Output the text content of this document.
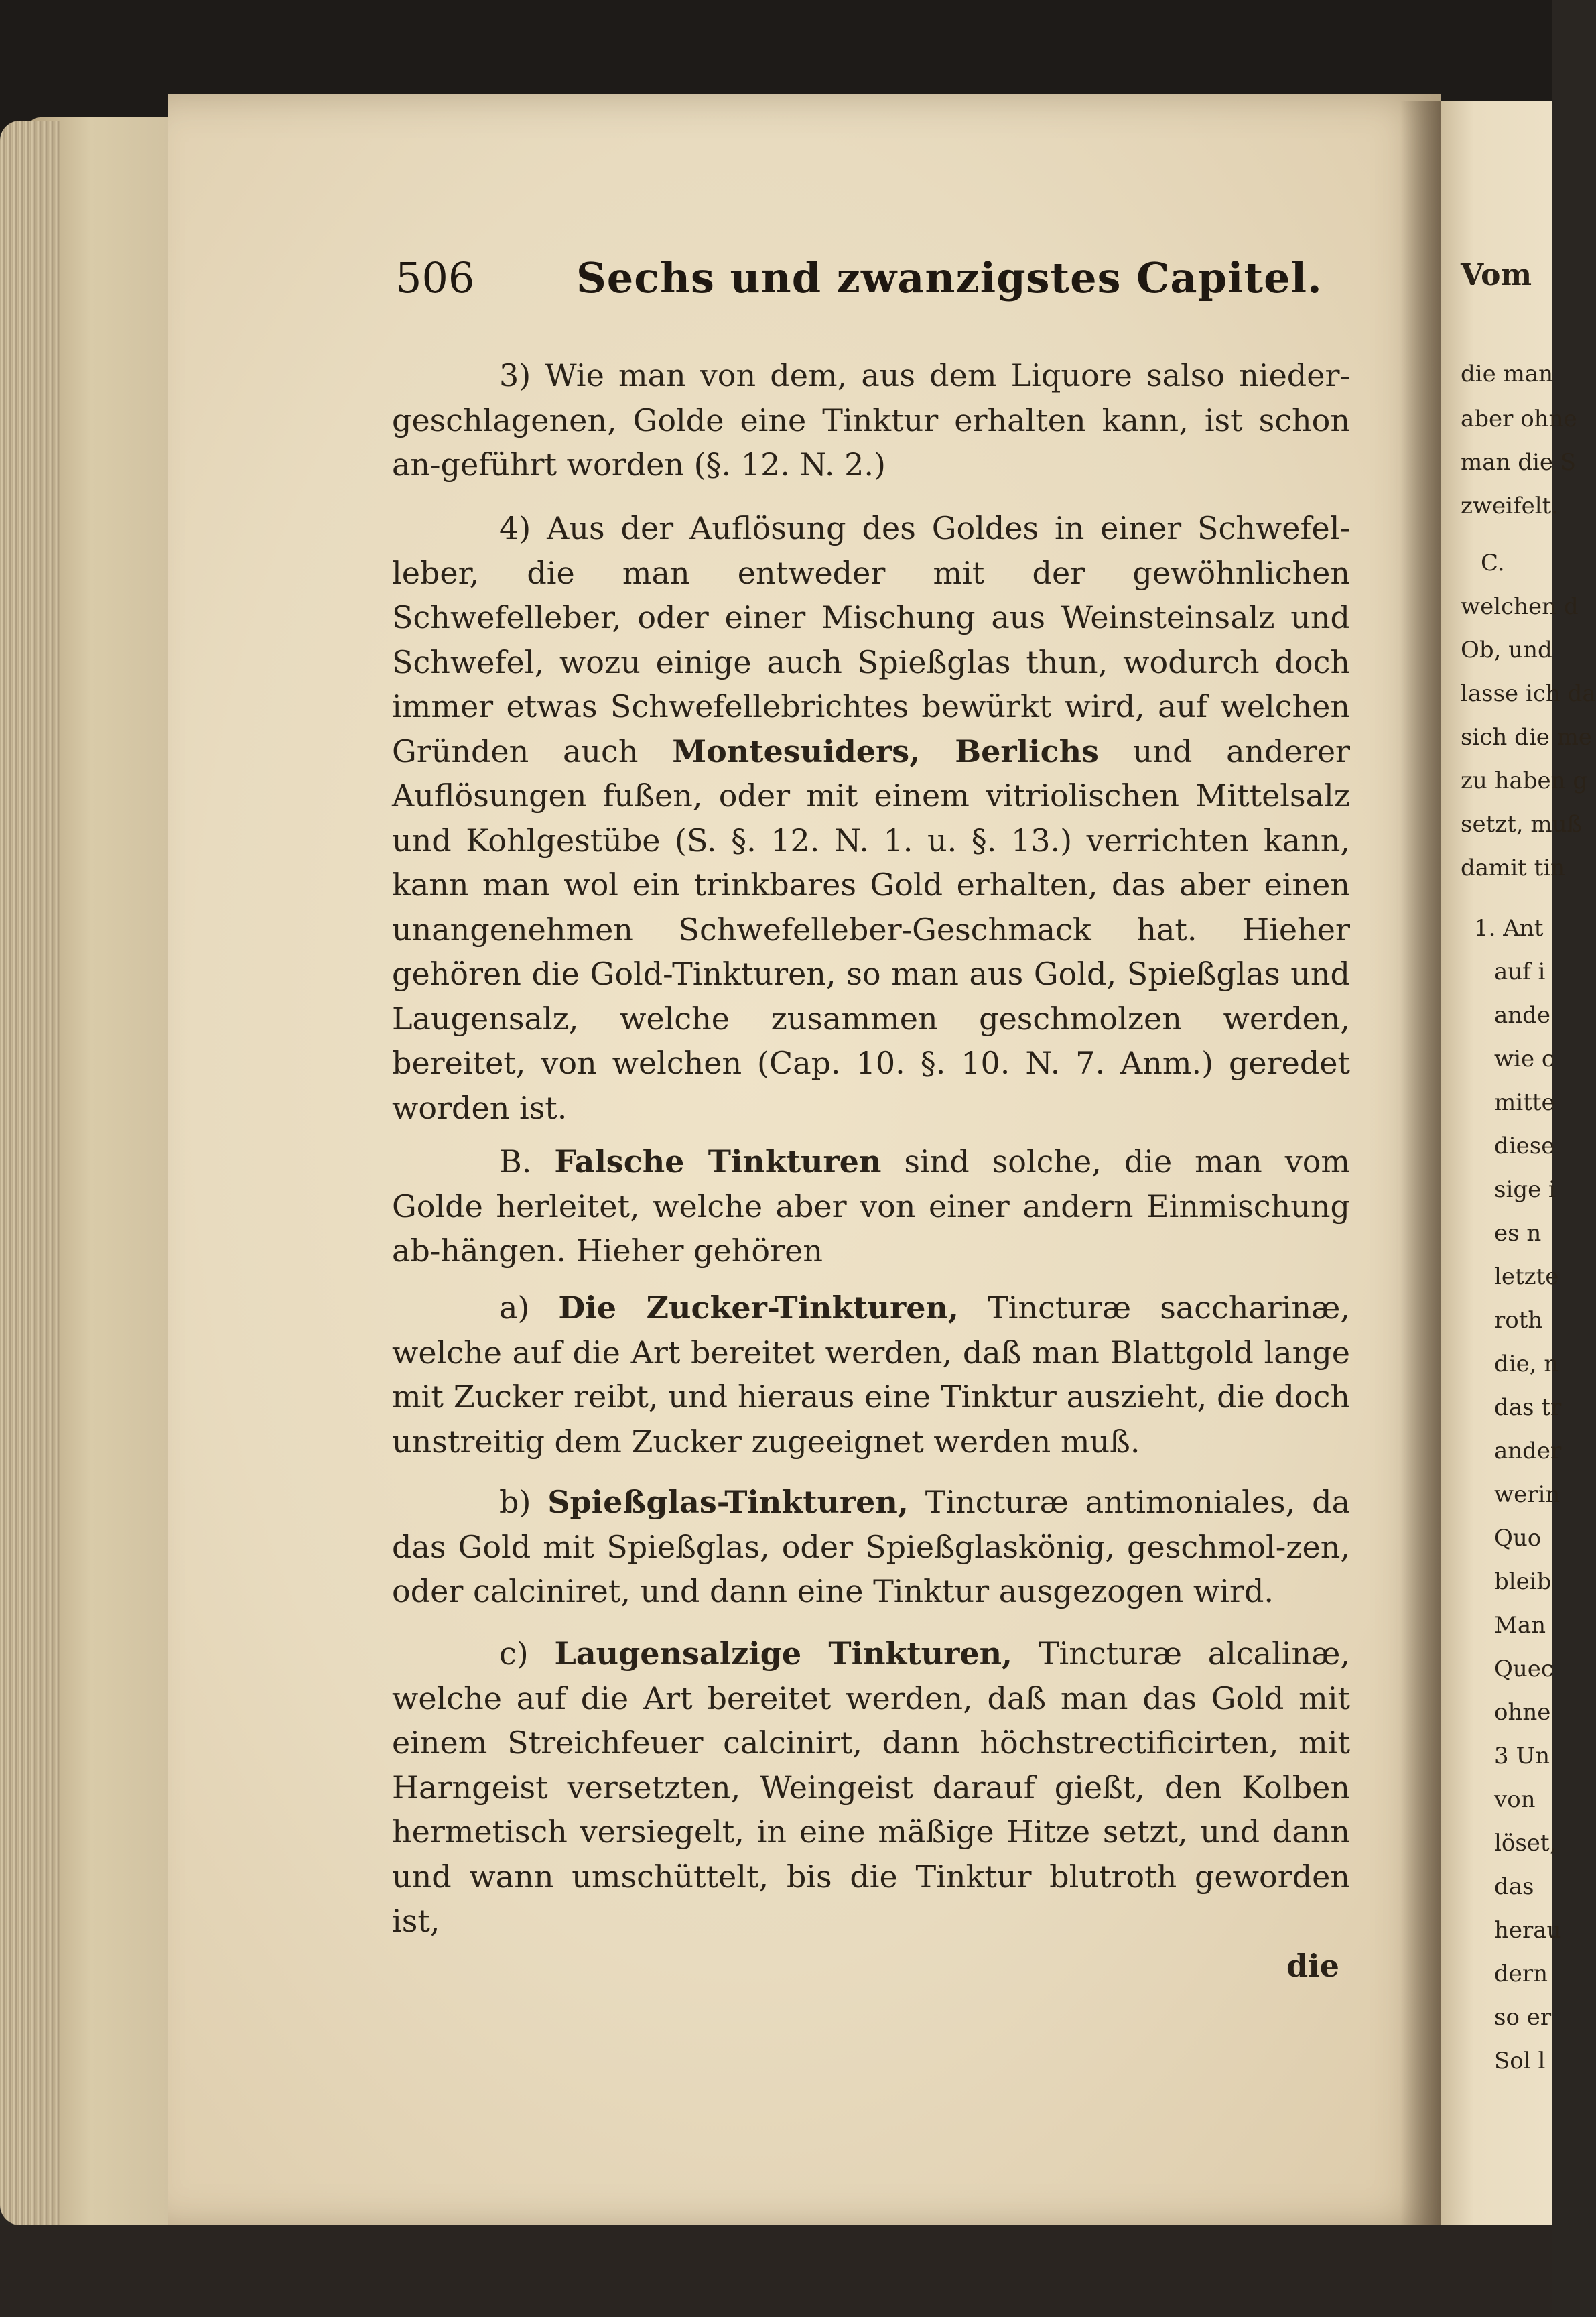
Vom
die man
aber ohne
man die S
zweifelt.
C.
welchen d
Ob, und
lasse ich da
sich die me
zu haben g
setzt, muß
damit tin
1. Ant
auf i
ande
wie c
mitte
diese
sige i
es n
letzte
roth
die, n
das tr
ander
werin
Quo
bleib
Man
Quec
ohne
3 Un
von
löset,
das
herau
dern
so er
Sol l
506 Sechs und zwanzigstes Capitel.
3) Wie man von dem, aus dem Liquore salso nieder-geschlagenen, Golde eine Tinktur erhalten kann, ist schon an-geführt worden (§. 12. N. 2.)
4) Aus der Auflösung des Goldes in einer Schwefel-leber, die man entweder mit der gewöhnlichen Schwefelleber, oder einer Mischung aus Weinsteinsalz und Schwefel, wozu einige auch Spießglas thun, wodurch doch immer etwas Schwefellebrichtes bewürkt wird, auf welchen Gründen auch Montesuiders, Berlichs und anderer Auflösungen fußen, oder mit einem vitriolischen Mittelsalz und Kohlgestübe (S. §. 12. N. 1. u. §. 13.) verrichten kann, kann man wol ein trinkbares Gold erhalten, das aber einen unangenehmen Schwefelleber-Geschmack hat. Hieher gehören die Gold-Tinkturen, so man aus Gold, Spießglas und Laugensalz, welche zusammen geschmolzen werden, bereitet, von welchen (Cap. 10. §. 10. N. 7. Anm.) geredet worden ist.
B. Falsche Tinkturen sind solche, die man vom Golde herleitet, welche aber von einer andern Einmischung ab-hängen. Hieher gehören
a) Die Zucker-Tinkturen, Tincturæ saccharinæ, welche auf die Art bereitet werden, daß man Blattgold lange mit Zucker reibt, und hieraus eine Tinktur auszieht, die doch unstreitig dem Zucker zugeeignet werden muß.
b) Spießglas-Tinkturen, Tincturæ antimoniales, da das Gold mit Spießglas, oder Spießglaskönig, geschmol-zen, oder calciniret, und dann eine Tinktur ausgezogen wird.
c) Laugensalzige Tinkturen, Tincturæ alcalinæ, welche auf die Art bereitet werden, daß man das Gold mit einem Streichfeuer calcinirt, dann höchstrectificirten, mit Harngeist versetzten, Weingeist darauf gießt, den Kolben hermetisch versiegelt, in eine mäßige Hitze setzt, und dann und wann umschüttelt, bis die Tinktur blutroth geworden ist,
die
